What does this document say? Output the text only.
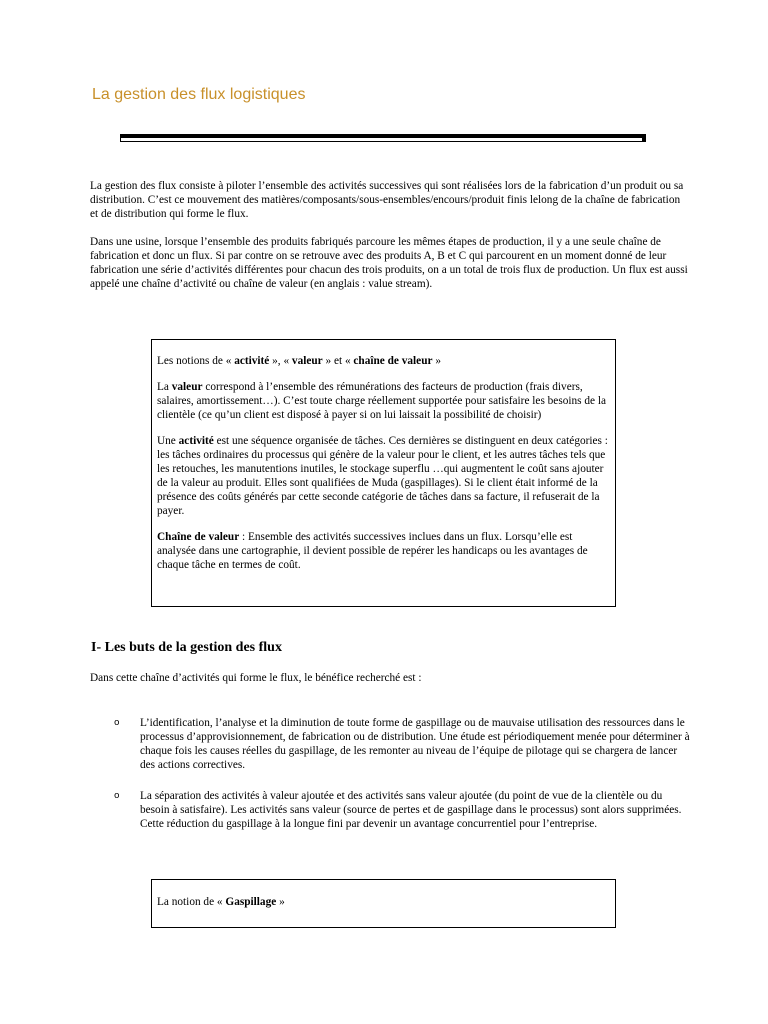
La gestion des flux logistiques

La gestion des flux consiste à piloter l’ensemble des activités successives qui sont réalisées lors de la fabrication d’un produit ou sa distribution. C’est ce mouvement des matières/composants/sous-ensembles/encours/produit finis lelong de la chaîne de fabrication et de distribution qui forme le flux.

Dans une usine, lorsque l’ensemble des produits fabriqués parcoure les mêmes étapes de production, il y a une seule chaîne de fabrication et donc un flux. Si par contre on se retrouve avec des produits A, B et C qui parcourent en un moment donné de leur fabrication une série d’activités différentes pour chacun des trois produits, on a un total de trois flux de production. Un flux est aussi appelé une chaîne d’activité ou chaîne de valeur (en anglais : value stream).

Les notions de « activité », « valeur » et « chaîne de valeur »

La valeur correspond à l’ensemble des rémunérations des facteurs de production (frais divers, salaires, amortissement…). C’est toute charge réellement supportée pour satisfaire les besoins de la clientèle (ce qu’un client est disposé à payer si on lui laissait la possibilité de choisir)

Une activité est une séquence organisée de tâches. Ces dernières se distinguent en deux catégories : les tâches ordinaires du processus qui génère de la valeur pour le client, et les autres tâches tels que les retouches, les manutentions inutiles, le stockage superflu …qui augmentent le coût sans ajouter de la valeur au produit. Elles sont qualifiées de Muda (gaspillages). Si le client était informé de la présence des coûts générés par cette seconde catégorie de tâches dans sa facture, il refuserait de la payer.

Chaîne de valeur : Ensemble des activités successives inclues dans un flux. Lorsqu’elle est analysée dans une cartographie, il devient possible de repérer les handicaps ou les avantages de chaque tâche en termes de coût.

I- Les buts de la gestion des flux

Dans cette chaîne d’activités qui forme le flux, le bénéfice recherché est :

o L’identification, l’analyse et la diminution de toute forme de gaspillage ou de mauvaise utilisation des ressources dans le processus d’approvisionnement, de fabrication ou de distribution. Une étude est périodiquement menée pour déterminer à chaque fois les causes réelles du gaspillage, de les remonter au niveau de l’équipe de pilotage qui se chargera de lancer des actions correctives.
o La séparation des activités à valeur ajoutée et des activités sans valeur ajoutée (du point de vue de la clientèle ou du besoin à satisfaire). Les activités sans valeur (source de pertes et de gaspillage dans le processus) sont alors supprimées. Cette réduction du gaspillage à la longue fini par devenir un avantage concurrentiel pour l’entreprise.

La notion de « Gaspillage »
